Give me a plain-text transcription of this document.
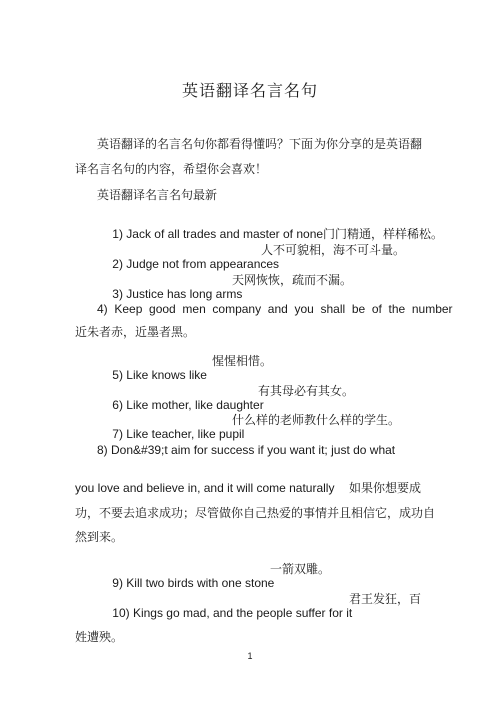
英语翻译名言名句
英语翻译的名言名句你都看得懂吗？下面 为你分享的是英语翻
译名言名句的内容，希望你会喜欢！
英语翻译名言名句最新

1) Jack of all trades and master of none门门精通，样样稀松。

2) Judge not from appearances

人不可貌相，海不可斗量。

3) Justice has long arms

天网恢恢，疏而不漏。
4)  Keep  good  men  company  and  you  shall  be  of  the  number
近朱者赤，近墨者黑。

5) Like knows like

惺惺相惜。

6) Like mother, like daughter

有其母必有其女。

7) Like teacher, like pupil

什么样的老师教什么样的学生。
8) Don&#39;t aim for success if you want it; just do what
you love and believe in, and it will come naturally 如果你想要成
功，不要去追求成功；尽管做你自己热爱的事情并且相信它，成功自
然到来。

9) Kill two birds with one stone

一箭双雕。

10) Kings go mad, and the people suffer for it

君王发狂，百
姓遭殃。
1
